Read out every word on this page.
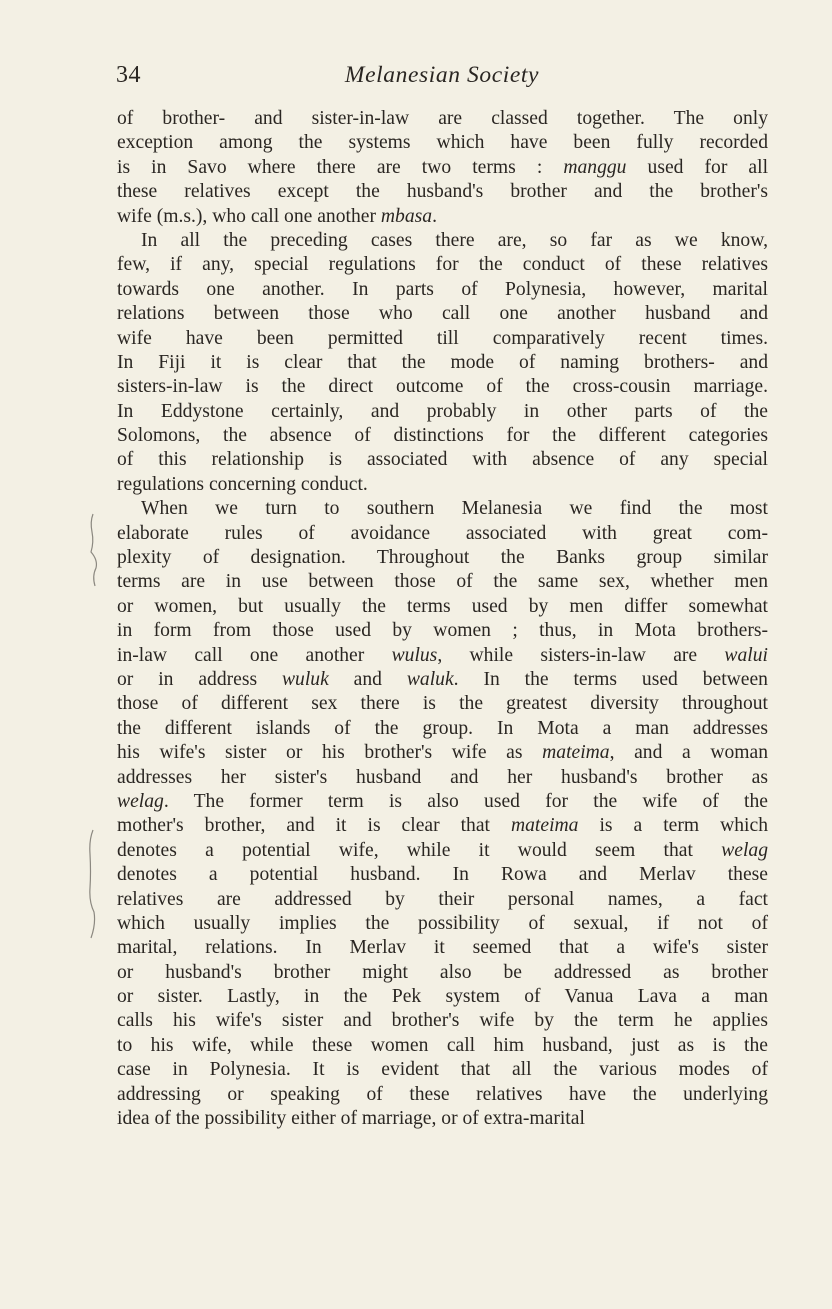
34	Melanesian Society
of brother- and sister-in-law are classed together. The only
exception among the systems which have been fully recorded
is in Savo where there are two terms : manggu used for all
these relatives except the husband's brother and the brother's
wife (m.s.), who call one another mbasa.
In all the preceding cases there are, so far as we know,
few, if any, special regulations for the conduct of these relatives
towards one another. In parts of Polynesia, however, marital
relations between those who call one another husband and
wife have been permitted till comparatively recent times.
In Fiji it is clear that the mode of naming brothers- and
sisters-in-law is the direct outcome of the cross-cousin marriage.
In Eddystone certainly, and probably in other parts of the
Solomons, the absence of distinctions for the different categories
of this relationship is associated with absence of any special
regulations concerning conduct.
When we turn to southern Melanesia we find the most
elaborate rules of avoidance associated with great com-
plexity of designation. Throughout the Banks group similar
terms are in use between those of the same sex, whether men
or women, but usually the terms used by men differ somewhat
in form from those used by women ; thus, in Mota brothers-
in-law call one another wulus, while sisters-in-law are walui
or in address wuluk and waluk. In the terms used between
those of different sex there is the greatest diversity throughout
the different islands of the group. In Mota a man addresses
his wife's sister or his brother's wife as mateima, and a woman
addresses her sister's husband and her husband's brother as
welag. The former term is also used for the wife of the
mother's brother, and it is clear that mateima is a term which
denotes a potential wife, while it would seem that welag
denotes a potential husband. In Rowa and Merlav these
relatives are addressed by their personal names, a fact
which usually implies the possibility of sexual, if not of
marital, relations. In Merlav it seemed that a wife's sister
or husband's brother might also be addressed as brother
or sister. Lastly, in the Pek system of Vanua Lava a man
calls his wife's sister and brother's wife by the term he applies
to his wife, while these women call him husband, just as is the
case in Polynesia. It is evident that all the various modes of
addressing or speaking of these relatives have the underlying
idea of the possibility either of marriage, or of extra-marital
